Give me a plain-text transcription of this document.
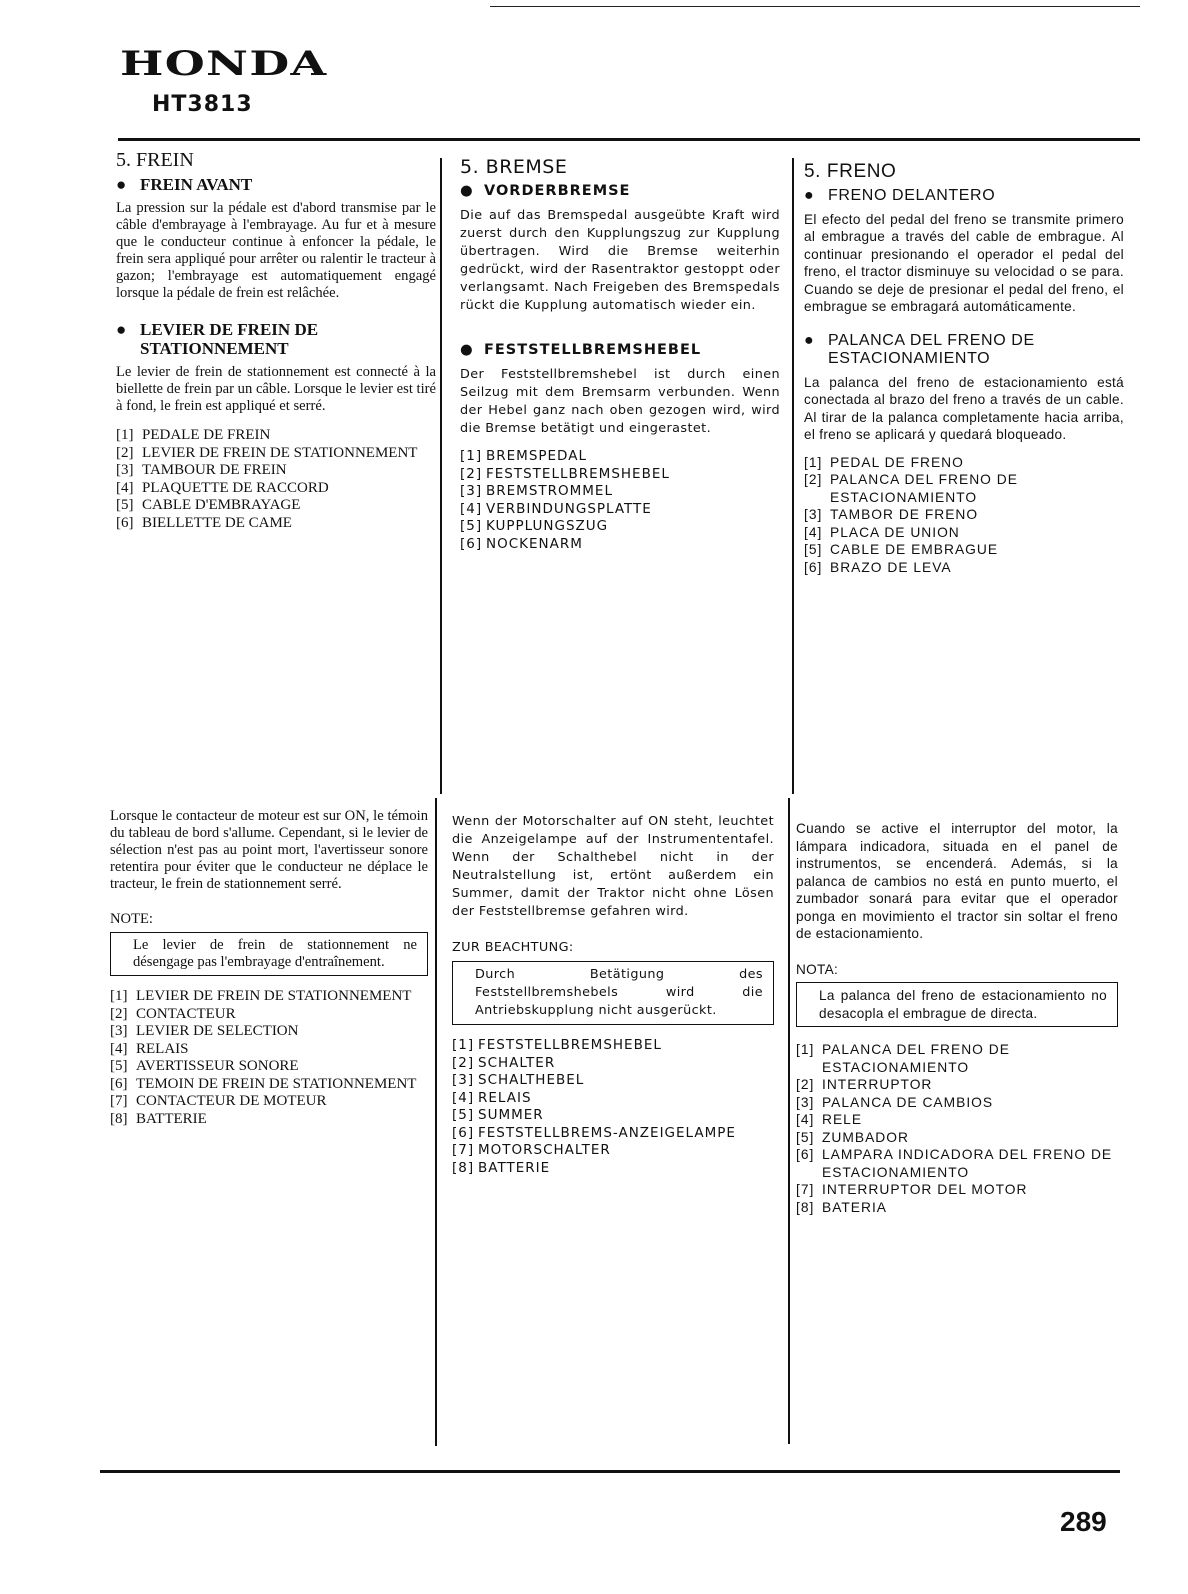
HONDA
HT3813
5. FREIN
● FREIN AVANT

La pression sur la pédale est d'abord transmise par le câble d'embrayage à l'embrayage. Au fur et à mesure que le conducteur continue à enfoncer la pédale, le frein sera appliqué pour arrêter ou ralentir le tracteur à gazon; l'embrayage est automatiquement engagé lorsque la pédale de frein est relâchée.

● LEVIER DE FREIN DE STATIONNEMENT

Le levier de frein de stationnement est connecté à la biellette de frein par un câble. Lorsque le levier est tiré à fond, le frein est appliqué et serré.

[1] PEDALE DE FREIN
[2] LEVIER DE FREIN DE STATIONNEMENT
[3] TAMBOUR DE FREIN
[4] PLAQUETTE DE RACCORD
[5] CABLE D'EMBRAYAGE
[6] BIELLETTE DE CAME
5. BREMSE
● VORDERBREMSE

Die auf das Bremspedal ausgeübte Kraft wird zuerst durch den Kupplungszug zur Kupplung übertragen. Wird die Bremse weiterhin gedrückt, wird der Rasentraktor gestoppt oder verlangsamt. Nach Freigeben des Bremspedals rückt die Kupplung automatisch wieder ein.

● FESTSTELLBREMSHEBEL

Der Feststellbremshebel ist durch einen Seilzug mit dem Bremsarm verbunden. Wenn der Hebel ganz nach oben gezogen wird, wird die Bremse betätigt und eingerastet.

[1] BREMSPEDAL
[2] FESTSTELLBREMSHEBEL
[3] BREMSTROMMEL
[4] VERBINDUNGSPLATTE
[5] KUPPLUNGSZUG
[6] NOCKENARM
5. FRENO
● FRENO DELANTERO

El efecto del pedal del freno se transmite primero al embrague a través del cable de embrague. Al continuar presionando el operador el pedal del freno, el tractor disminuye su velocidad o se para. Cuando se deje de presionar el pedal del freno, el embrague se embragará automáticamente.

● PALANCA DEL FRENO DE ESTACIONAMIENTO

La palanca del freno de estacionamiento está conectada al brazo del freno a través de un cable. Al tirar de la palanca completamente hacia arriba, el freno se aplicará y quedará bloqueado.

[1] PEDAL DE FRENO
[2] PALANCA DEL FRENO DE ESTACIONAMIENTO
[3] TAMBOR DE FRENO
[4] PLACA DE UNION
[5] CABLE DE EMBRAGUE
[6] BRAZO DE LEVA

Lorsque le contacteur de moteur est sur ON, le témoin du tableau de bord s'allume. Cependant, si le levier de sélection n'est pas au point mort, l'avertisseur sonore retentira pour éviter que le conducteur ne déplace le tracteur, le frein de stationnement serré.

NOTE:
Le levier de frein de stationnement ne désengage pas l'embrayage d'entraînement.
[1] LEVIER DE FREIN DE STATIONNEMENT
[2] CONTACTEUR
[3] LEVIER DE SELECTION
[4] RELAIS
[5] AVERTISSEUR SONORE
[6] TEMOIN DE FREIN DE STATIONNEMENT
[7] CONTACTEUR DE MOTEUR
[8] BATTERIE

Wenn der Motorschalter auf ON steht, leuchtet die Anzeigelampe auf der Instrumententafel. Wenn der Schalthebel nicht in der Neutralstellung ist, ertönt außerdem ein Summer, damit der Traktor nicht ohne Lösen der Feststellbremse gefahren wird.

ZUR BEACHTUNG:
Durch Betätigung des Feststellbremshebels wird die Antriebskupplung nicht ausgerückt.
[1] FESTSTELLBREMSHEBEL
[2] SCHALTER
[3] SCHALTHEBEL
[4] RELAIS
[5] SUMMER
[6] FESTSTELLBREMS-ANZEIGELAMPE
[7] MOTORSCHALTER
[8] BATTERIE

Cuando se active el interruptor del motor, la lámpara indicadora, situada en el panel de instrumentos, se encenderá. Además, si la palanca de cambios no está en punto muerto, el zumbador sonará para evitar que el operador ponga en movimiento el tractor sin soltar el freno de estacionamiento.

NOTA:
La palanca del freno de estacionamiento no desacopla el embrague de directa.
[1] PALANCA DEL FRENO DE ESTACIONAMIENTO
[2] INTERRUPTOR
[3] PALANCA DE CAMBIOS
[4] RELE
[5] ZUMBADOR
[6] LAMPARA INDICADORA DEL FRENO DE ESTACIONAMIENTO
[7] INTERRUPTOR DEL MOTOR
[8] BATERIA
289
